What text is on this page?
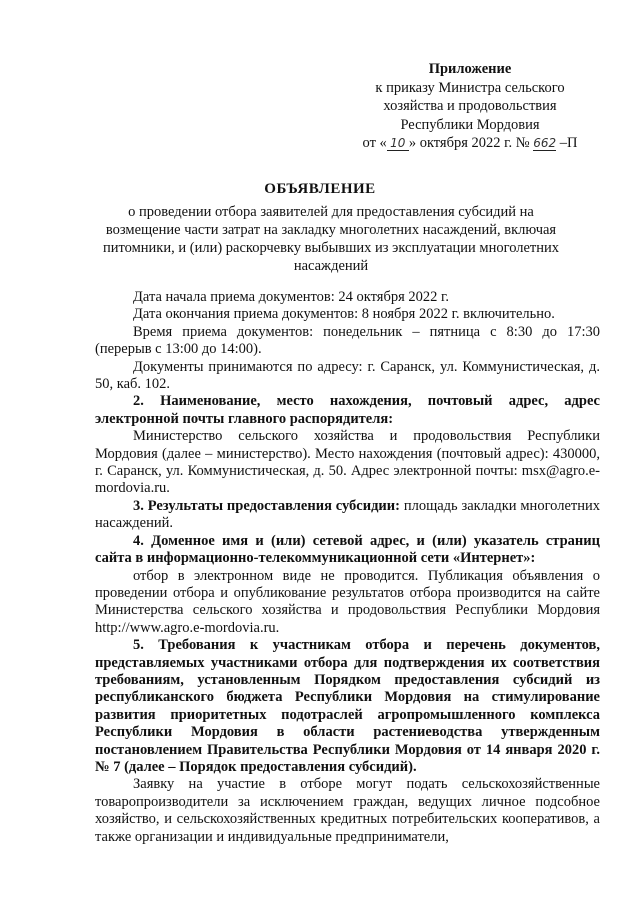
Приложение
к приказу Министра сельского
хозяйства и продовольствия
Республики Мордовия
от « 10 » октября 2022 г. № 662 –П
ОБЪЯВЛЕНИЕ
о проведении отбора заявителей для предоставления субсидий на возмещение части затрат на закладку многолетних насаждений, включая питомники, и (или) раскорчевку выбывших из эксплуатации многолетних насаждений

Дата начала приема документов: 24 октября 2022 г.

Дата окончания приема документов: 8 ноября 2022 г. включительно.

Время приема документов: понедельник – пятница с 8:30 до 17:30 (перерыв с 13:00 до 14:00).

Документы принимаются по адресу: г. Саранск, ул. Коммунистическая, д. 50, каб. 102.

2. Наименование, место нахождения, почтовый адрес, адрес электронной почты главного распорядителя:

Министерство сельского хозяйства и продовольствия Республики Мордовия (далее – министерство). Место нахождения (почтовый адрес): 430000, г. Саранск, ул. Коммунистическая, д. 50. Адрес электронной почты: msx@agro.e-mordovia.ru.

3. Результаты предоставления субсидии: площадь закладки многолетних насаждений.

4. Доменное имя и (или) сетевой адрес, и (или) указатель страниц сайта в информационно-телекоммуникационной сети «Интернет»:

отбор в электронном виде не проводится. Публикация объявления о проведении отбора и опубликование результатов отбора производится на сайте Министерства сельского хозяйства и продовольствия Республики Мордовия http://www.agro.e-mordovia.ru.

5. Требования к участникам отбора и перечень документов, представляемых участниками отбора для подтверждения их соответствия требованиям, установленным Порядком предоставления субсидий из республиканского бюджета Республики Мордовия на стимулирование развития приоритетных подотраслей агропромышленного комплекса Республики Мордовия в области растениеводства утвержденным постановлением Правительства Республики Мордовия от 14 января 2020 г. № 7 (далее – Порядок предоставления субсидий).

Заявку на участие в отборе могут подать сельскохозяйственные товаропроизводители за исключением граждан, ведущих личное подсобное хозяйство, и сельскохозяйственных кредитных потребительских кооперативов, а также организации и индивидуальные предприниматели,
